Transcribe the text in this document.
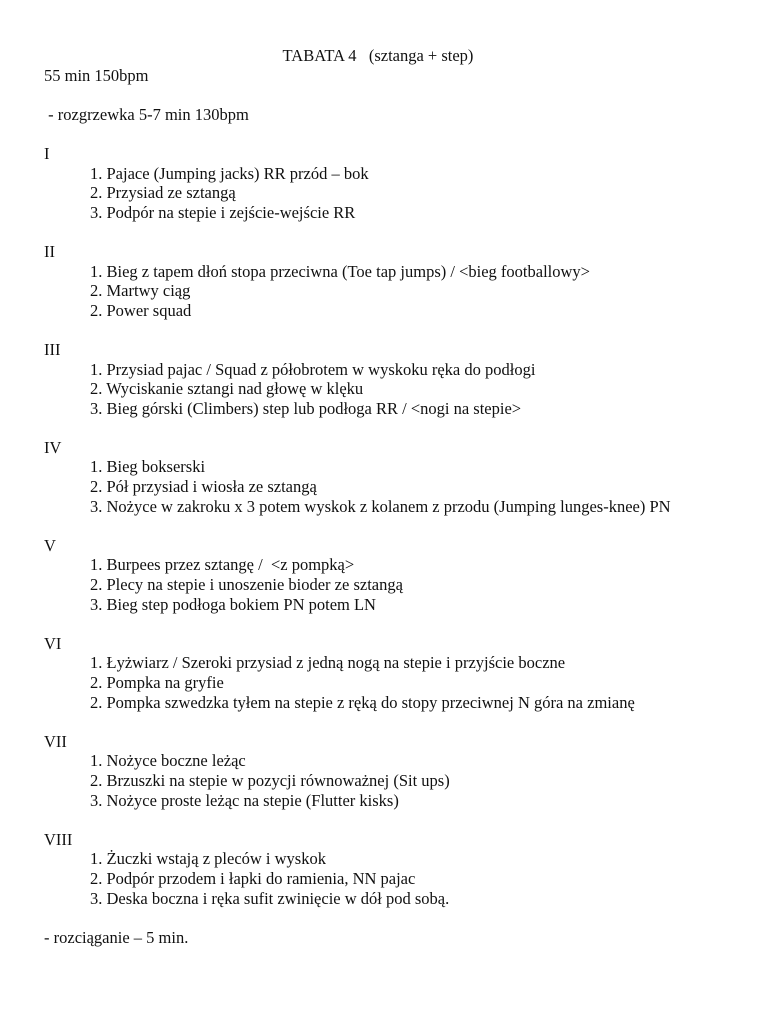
TABATA 4   (sztanga + step)
55 min 150bpm
- rozgrzewka 5-7 min 130bpm
I
1. Pajace (Jumping jacks) RR przód – bok
2. Przysiad ze sztangą
3. Podpór na stepie i zejście-wejście RR
II
1. Bieg z tapem dłoń stopa przeciwna (Toe tap jumps) / <bieg footballowy>
2. Martwy ciąg
2. Power squad
III
1. Przysiad pajac / Squad z półobrotem w wyskoku ręka do podłogi
2. Wyciskanie sztangi nad głowę w klęku
3. Bieg górski (Climbers) step lub podłoga RR / <nogi na stepie>
IV
1. Bieg bokserski
2. Pół przysiad i wiosła ze sztangą
3. Nożyce w zakroku x 3 potem wyskok z kolanem z przodu (Jumping lunges-knee) PN
V
1. Burpees przez sztangę /  <z pompką>
2. Plecy na stepie i unoszenie bioder ze sztangą
3. Bieg step podłoga bokiem PN potem LN
VI
1. Łyżwiarz / Szeroki przysiad z jedną nogą na stepie i przyjście boczne
2. Pompka na gryfie
2. Pompka szwedzka tyłem na stepie z ręką do stopy przeciwnej N góra na zmianę
VII
1. Nożyce boczne leżąc
2. Brzuszki na stepie w pozycji równoważnej (Sit ups)
3. Nożyce proste leżąc na stepie (Flutter kisks)
VIII
1. Żuczki wstają z pleców i wyskok
2. Podpór przodem i łapki do ramienia, NN pajac
3. Deska boczna i ręka sufit zwinięcie w dół pod sobą.
- rozciąganie – 5 min.
